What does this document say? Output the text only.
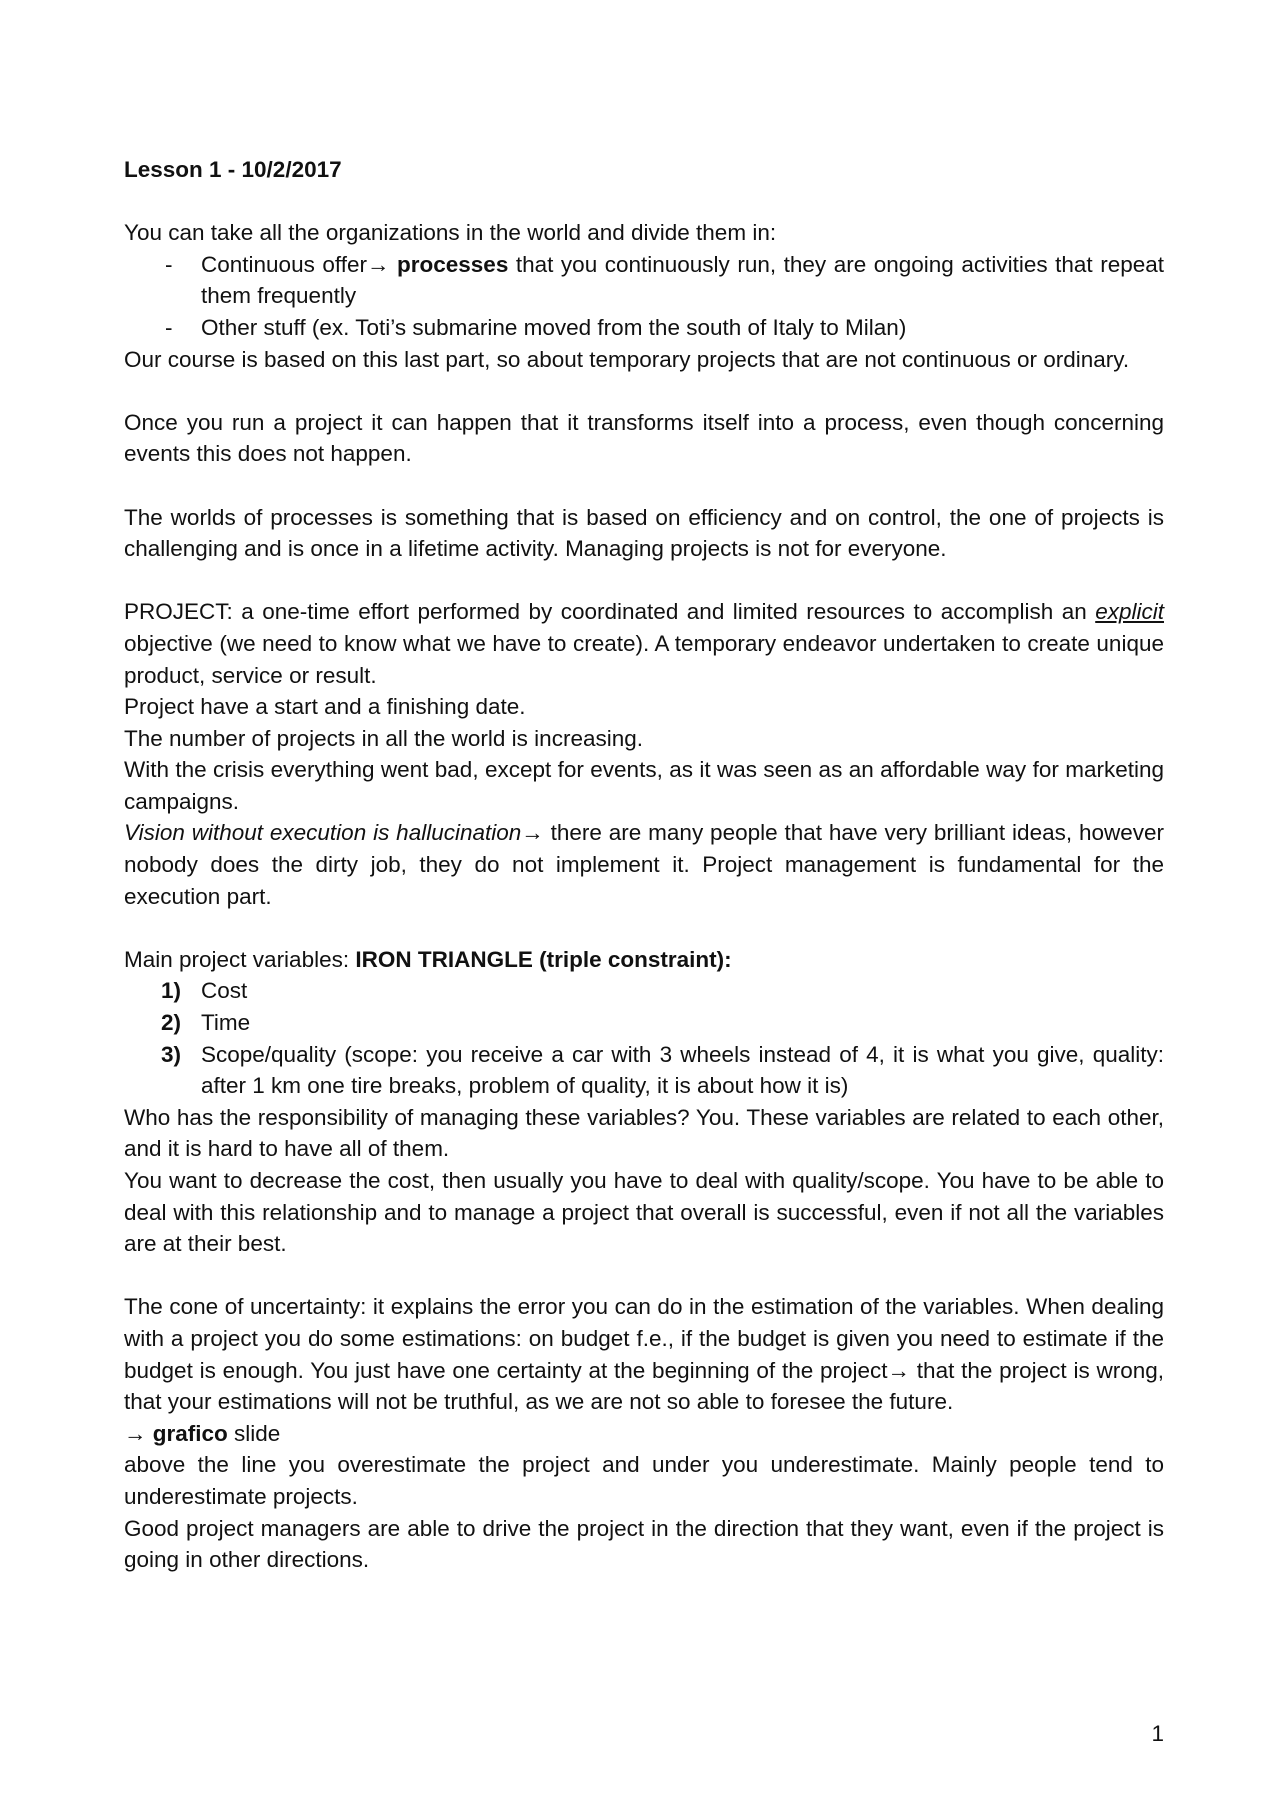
Lesson 1 - 10/2/2017

You can take all the organizations in the world and divide them in:

- Continuous offer→ processes that you continuously run, they are ongoing activities that repeat them frequently
- Other stuff (ex. Toti’s submarine moved from the south of Italy to Milan)

Our course is based on this last part, so about temporary projects that are not continuous or ordinary.

Once you run a project it can happen that it transforms itself into a process, even though concerning events this does not happen.

The worlds of processes is something that is based on efficiency and on control, the one of projects is challenging and is once in a lifetime activity. Managing projects is not for everyone.

PROJECT: a one-time effort performed by coordinated and limited resources to accomplish an explicit objective (we need to know what we have to create). A temporary endeavor undertaken to create unique product, service or result.

Project have a start and a finishing date.

The number of projects in all the world is increasing.

With the crisis everything went bad, except for events, as it was seen as an affordable way for marketing campaigns.

Vision without execution is hallucination→ there are many people that have very brilliant ideas, however nobody does the dirty job, they do not implement it. Project management is fundamental for the execution part.

Main project variables: IRON TRIANGLE (triple constraint):

1) Cost
2) Time
3) Scope/quality (scope: you receive a car with 3 wheels instead of 4, it is what you give, quality: after 1 km one tire breaks, problem of quality, it is about how it is)

Who has the responsibility of managing these variables? You. These variables are related to each other, and it is hard to have all of them.

You want to decrease the cost, then usually you have to deal with quality/scope. You have to be able to deal with this relationship and to manage a project that overall is successful, even if not all the variables are at their best.

The cone of uncertainty: it explains the error you can do in the estimation of the variables. When dealing with a project you do some estimations: on budget f.e., if the budget is given you need to estimate if the budget is enough. You just have one certainty at the beginning of the project→ that the project is wrong, that your estimations will not be truthful, as we are not so able to foresee the future.

→ grafico slide

above the line you overestimate the project and under you underestimate. Mainly people tend to underestimate projects.

Good project managers are able to drive the project in the direction that they want, even if the project is going in other directions.

1
